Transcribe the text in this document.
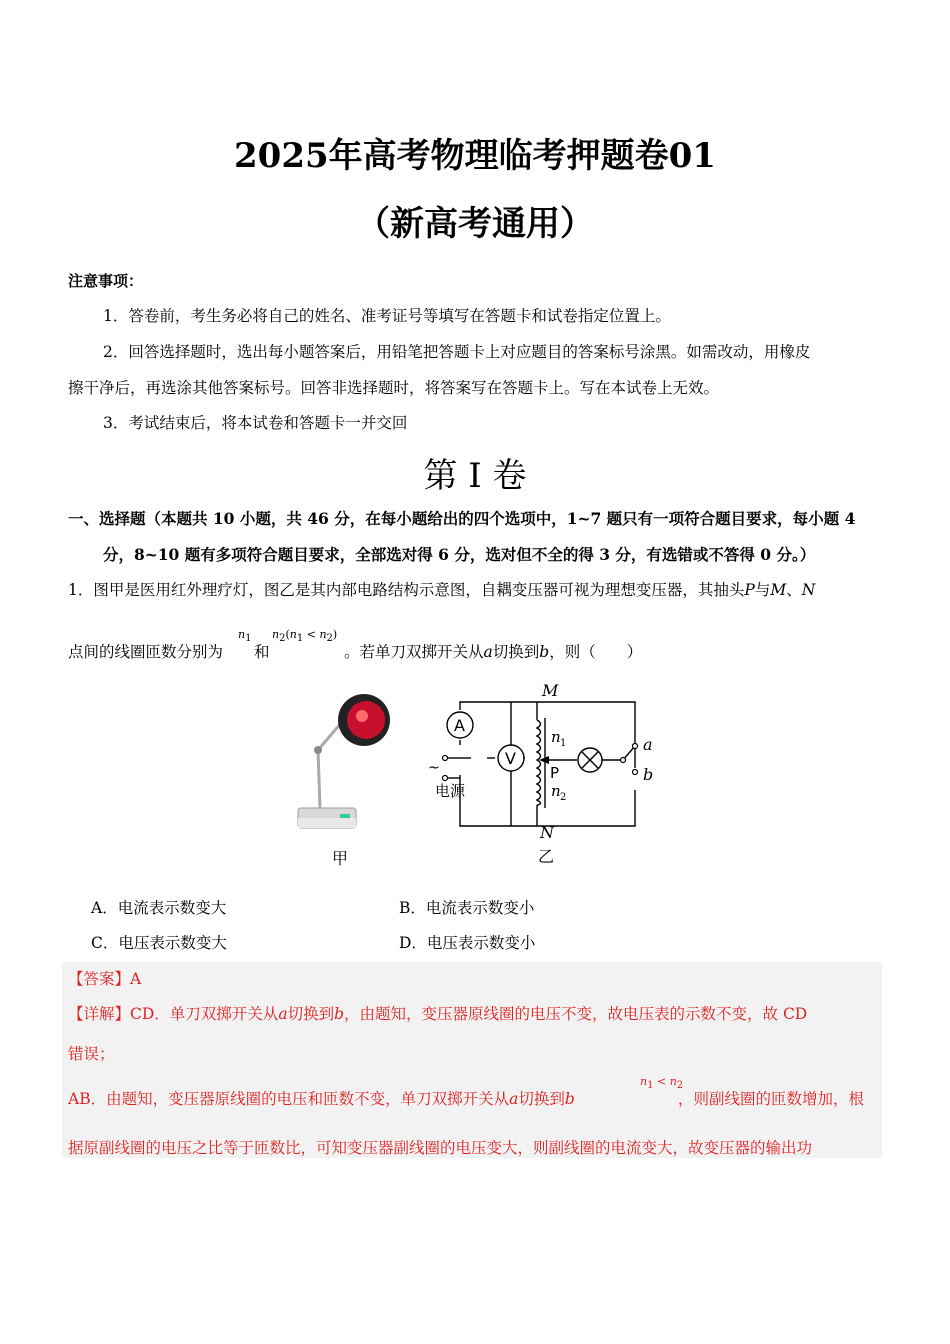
2025年高考物理临考押题卷01
（新高考通用）
注意事项：
1．答卷前，考生务必将自己的姓名、准考证号等填写在答题卡和试卷指定位置上。
2．回答选择题时，选出每小题答案后，用铅笔把答题卡上对应题目的答案标号涂黑。如需改动，用橡皮
擦干净后，再选涂其他答案标号。回答非选择题时，将答案写在答题卡上。写在本试卷上无效。
3．考试结束后，将本试卷和答题卡一并交回
第 I 卷
一、选择题（本题共 10 小题，共 46 分，在每小题给出的四个选项中，1~7 题只有一项符合题目要求，每小题 4
分，8~10 题有多项符合题目要求，全部选对得 6 分，选对但不全的得 3 分，有选错或不答得 0 分。）
1．图甲是医用红外理疗灯，图乙是其内部电路结构示意图，自耦变压器可视为理想变压器，其抽头P与M、N
点间的线圈匝数分别为
n1
和
n2(n1 < n2)
。若单刀双掷开关从a切换到b，则（　　）
甲
M
N
A
V
n 1
n 2
P
a
b
~
电源
乙
A．电流表示数变大	B．电流表示数变小
C．电压表示数变大	D．电压表示数变小
【答案】A
【详解】CD．单刀双掷开关从a切换到b，由题知，变压器原线圈的电压不变，故电压表的示数不变，故 CD
错误；
AB．由题知，变压器原线圈的电压和匝数不变，单刀双掷开关从a切换到b
n1 < n2
，则副线圈的匝数增加，根
据原副线圈的电压之比等于匝数比，可知变压器副线圈的电压变大，则副线圈的电流变大，故变压器的输出功
